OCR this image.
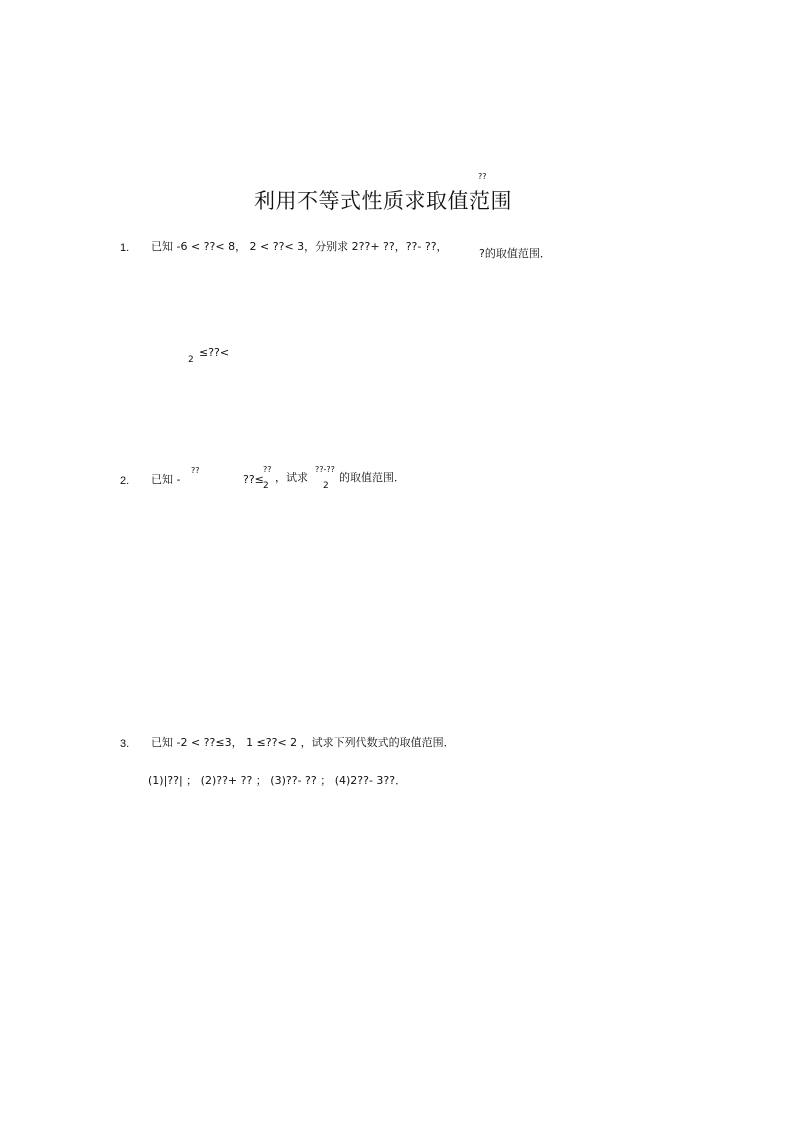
??
利用不等式性质求取值范围
1. 已知 -6 < ??< 8， 2 < ??< 3，分别求 2??+ ??，??- ??，
?的取值范围．
2
≤??<
2. 已知 -
??
??≤
??
2
，试求
??-??
2
的取值范围．
3. 已知 -2 < ??≤3， 1 ≤??< 2 ，试求下列代数式的取值范围．
(1)|??| ； (2)??+ ?? ； (3)??- ?? ； (4)2??- 3??．
